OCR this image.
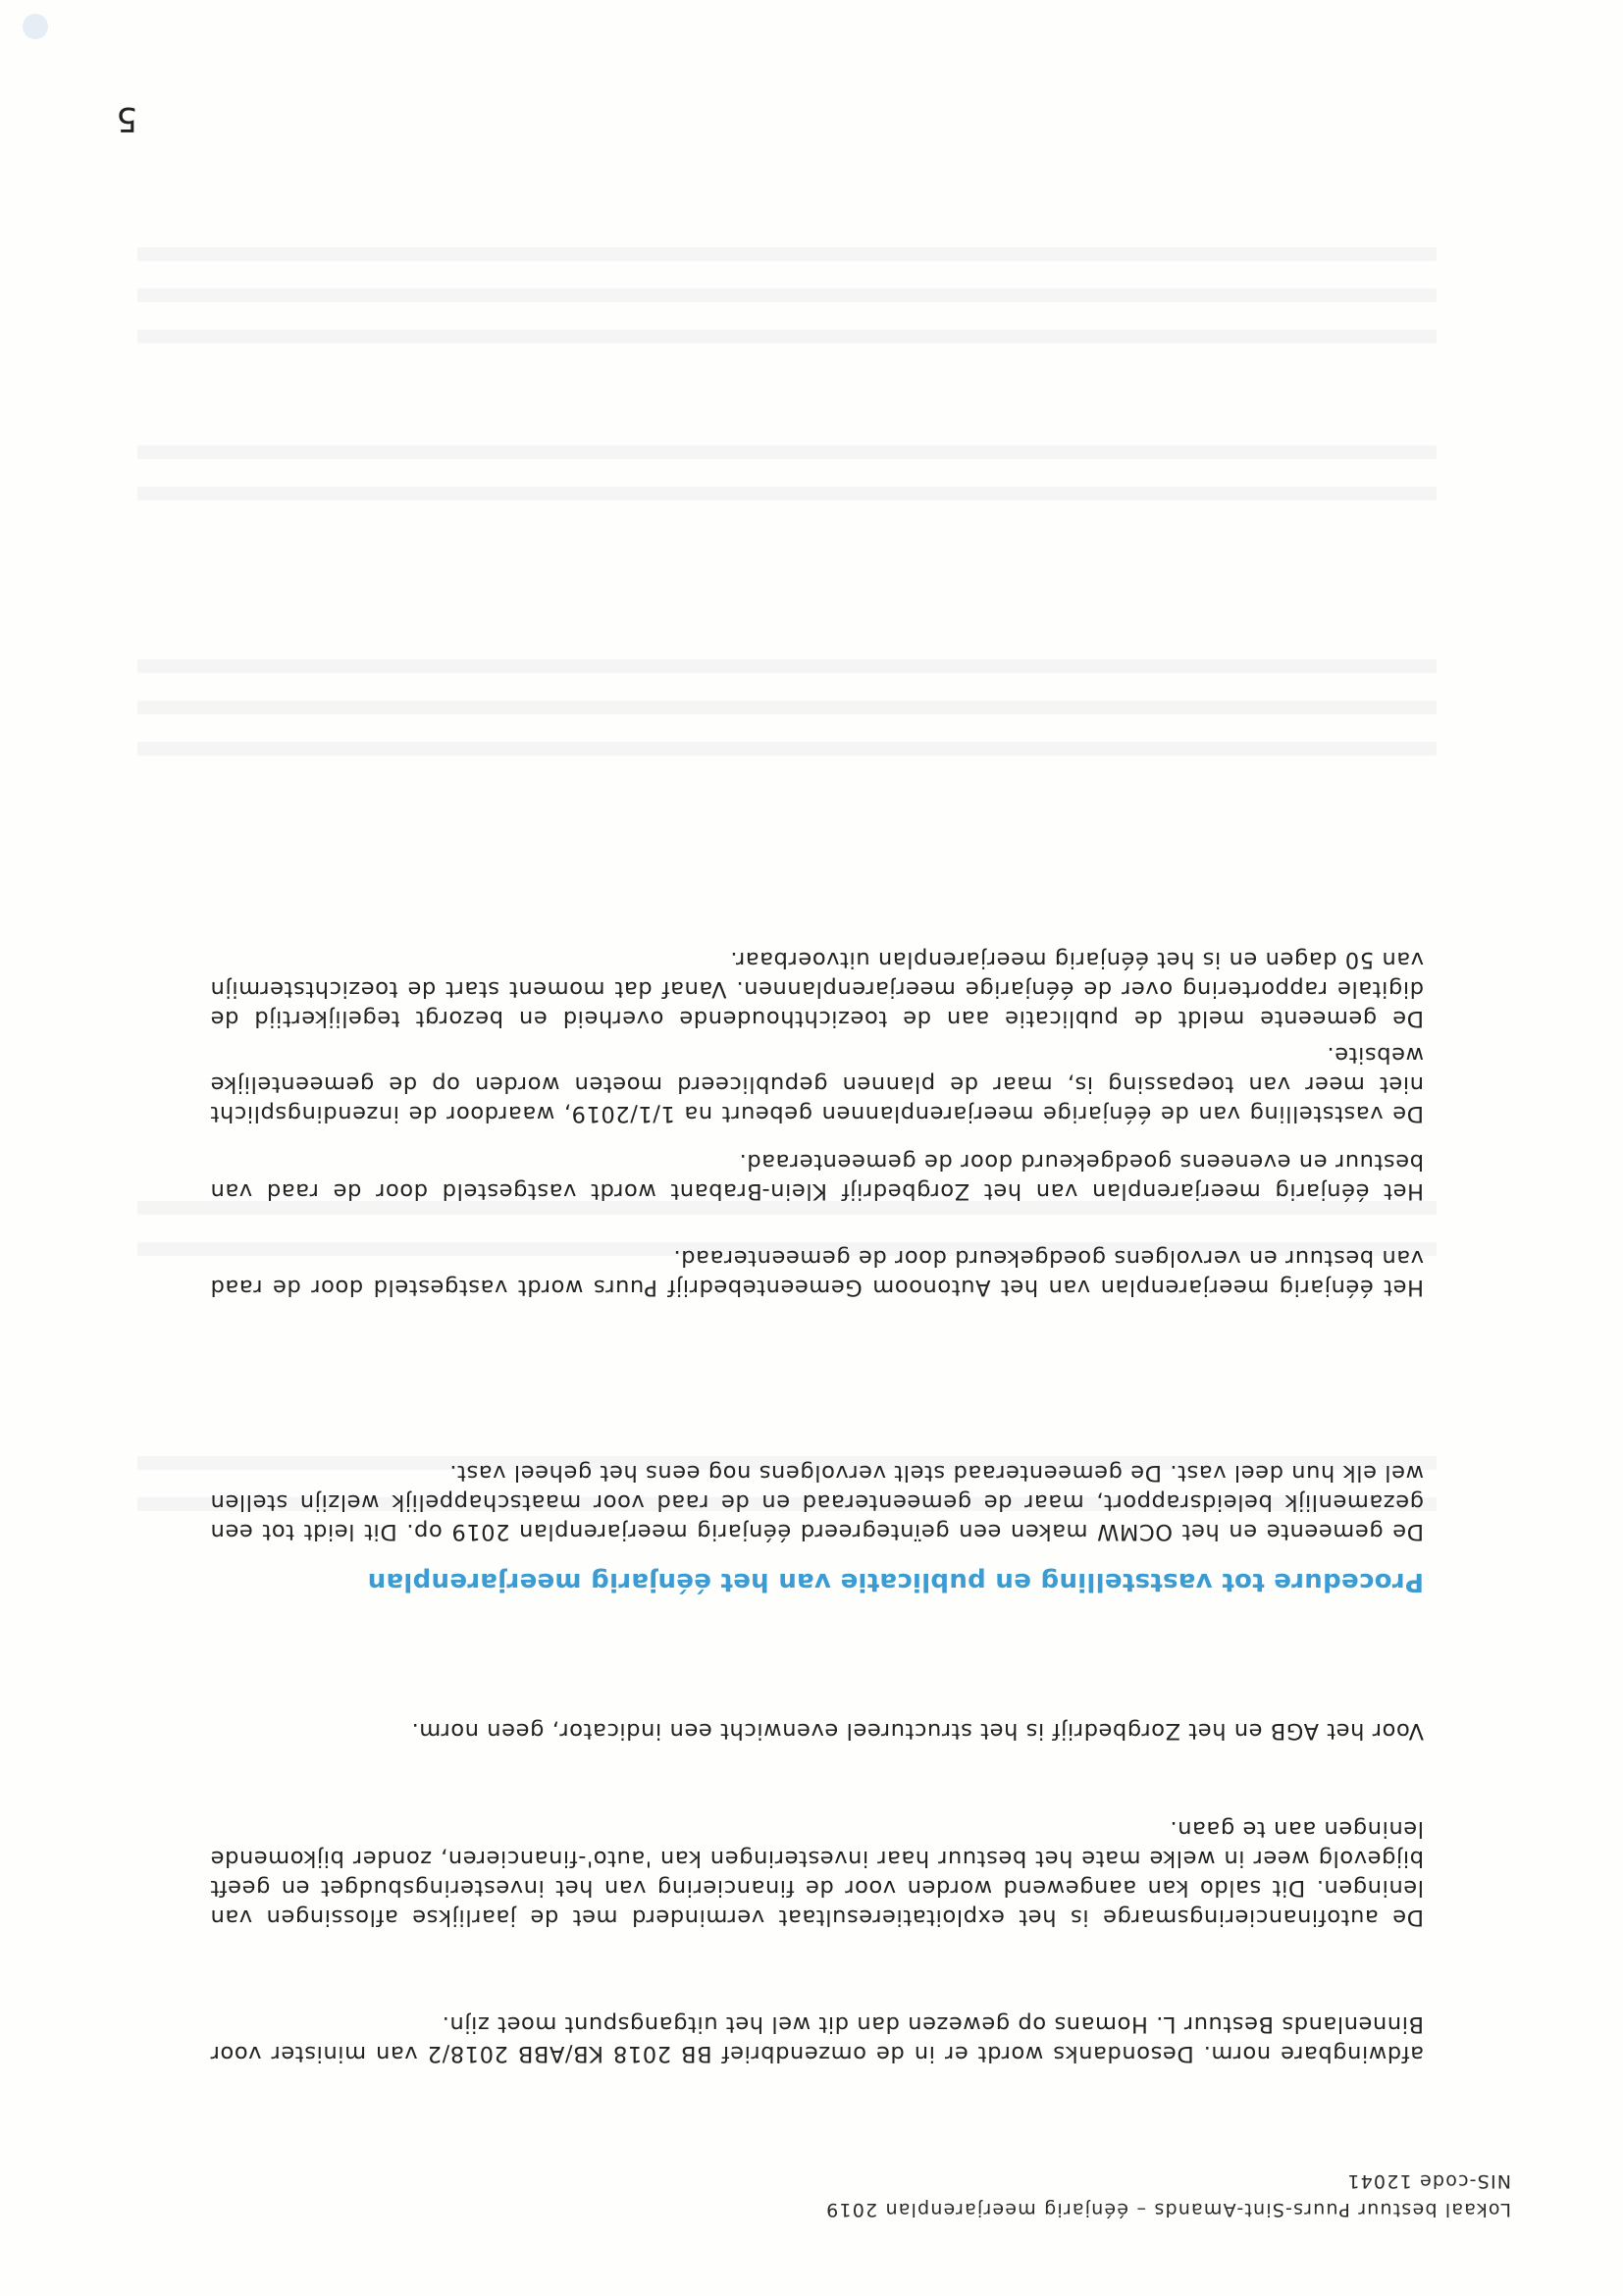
Lokaal bestuur Puurs-Sint-Amands – éénjarig meerjarenplan 2019
NIS-code 12041
De gemeente meldt de publicatie aan de toezichthoudende overheid en bezorgt tegelijkertijd de digitale rapportering over de éénjarige meerjarenplannen. Vanaf dat moment start de toezichtstermijn van 50 dagen en is het éénjarig meerjarenplan uitvoerbaar.
De vaststelling van de éénjarige meerjarenplannen gebeurt na 1/1/2019, waardoor de inzendingsplicht niet meer van toepassing is, maar de plannen gepubliceerd moeten worden op de gemeentelijke website.
Het éénjarig meerjarenplan van het Zorgbedrijf Klein-Brabant wordt vastgesteld door de raad van bestuur en eveneens goedgekeurd door de gemeenteraad.
Het éénjarig meerjarenplan van het Autonoom Gemeentebedrijf Puurs wordt vastgesteld door de raad van bestuur en vervolgens goedgekeurd door de gemeenteraad.
De gemeente en het OCMW maken een geïntegreerd éénjarig meerjarenplan 2019 op. Dit leidt tot een gezamenlijk beleidsrapport, maar de gemeenteraad en de raad voor maatschappelijk welzijn stellen wel elk hun deel vast. De gemeenteraad stelt vervolgens nog eens het geheel vast.
Procedure tot vaststelling en publicatie van het éénjarig meerjarenplan
Voor het AGB en het Zorgbedrijf is het structureel evenwicht een indicator, geen norm.
De autofinancieringsmarge is het exploitatieresultaat verminderd met de jaarlijkse aflossingen van leningen. Dit saldo kan aangewend worden voor de financiering van het investeringsbudget en geeft bijgevolg weer in welke mate het bestuur haar investeringen kan 'auto'-financieren, zonder bijkomende leningen aan te gaan.
afdwingbare norm. Desondanks wordt er in de omzendbrief BB 2018 KB/ABB 2018/2 van minister voor Binnenlands Bestuur L. Homans op gewezen dan dit wel het uitgangspunt moet zijn.
5
